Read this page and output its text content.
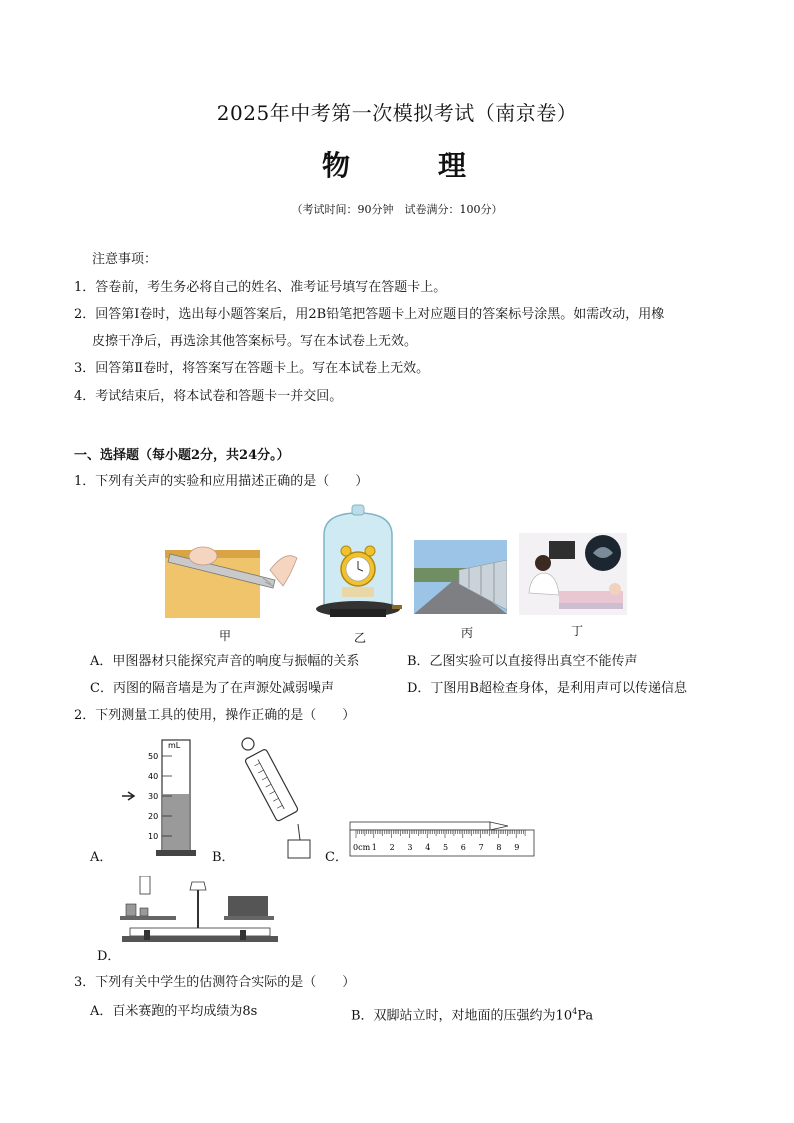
2025年中考第一次模拟考试（南京卷）
物　理
（考试时间：90分钟　试卷满分：100分）
注意事项：
1．答卷前，考生务必将自己的姓名、准考证号填写在答题卡上。
2．回答第Ⅰ卷时，选出每小题答案后，用2B铅笔把答题卡上对应题目的答案标号涂黑。如需改动，用橡
皮擦干净后，再选涂其他答案标号。写在本试卷上无效。
3．回答第Ⅱ卷时，将答案写在答题卡上。写在本试卷上无效。
4．考试结束后，将本试卷和答题卡一并交回。
一、选择题（每小题2分，共24分。）
1．下列有关声的实验和应用描述正确的是（　　）
甲	乙	丙	丁
A．甲图器材只能探究声音的响度与振幅的关系	B．乙图实验可以直接得出真空不能传声
C．丙图的隔音墙是为了在声源处减弱噪声	D．丁图用B超检查身体，是利用声可以传递信息
2．下列测量工具的使用，操作正确的是（　　）
mL
50
40
30
20
10
A．	B．
0cm 1 2 3 4 5 6 7 8 9
C．
D．
3．下列有关中学生的估测符合实际的是（　　）
A．百米赛跑的平均成绩为8s	B．双脚站立时，对地面的压强约为$10^4Pa$
